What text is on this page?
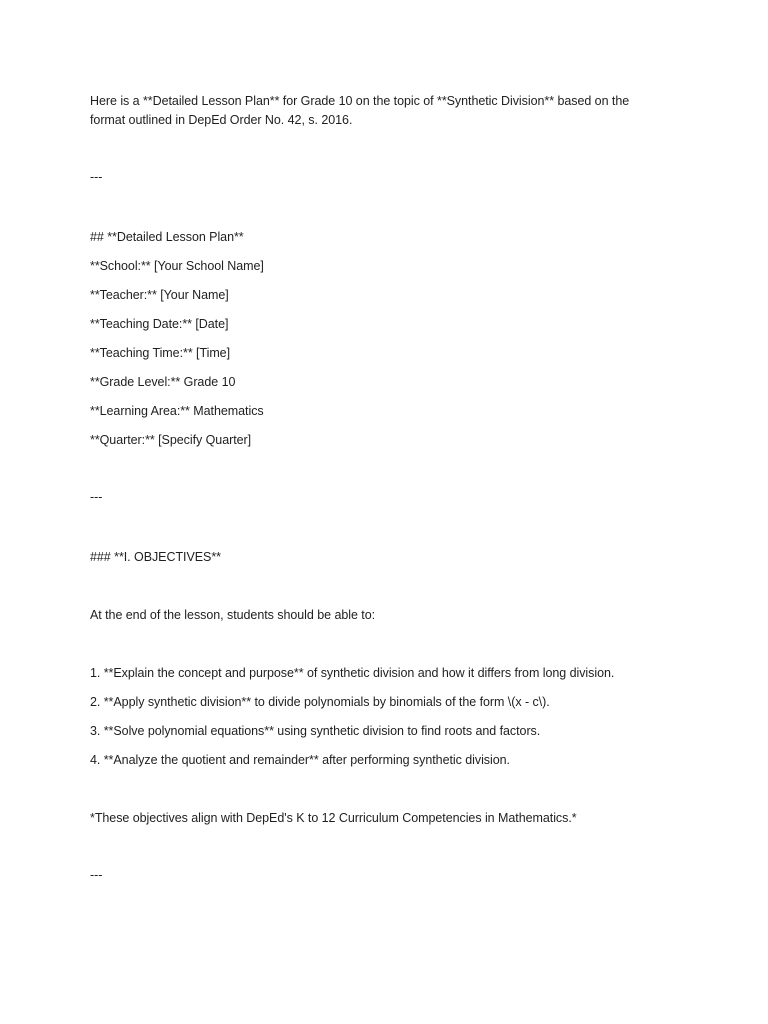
Here is a **Detailed Lesson Plan** for Grade 10 on the topic of **Synthetic Division** based on the
format outlined in DepEd Order No. 42, s. 2016.
---
## **Detailed Lesson Plan**
**School:** [Your School Name]
**Teacher:** [Your Name]
**Teaching Date:** [Date]
**Teaching Time:** [Time]
**Grade Level:** Grade 10
**Learning Area:** Mathematics
**Quarter:** [Specify Quarter]
---
### **I. OBJECTIVES**
At the end of the lesson, students should be able to:
1. **Explain the concept and purpose** of synthetic division and how it differs from long division.
2. **Apply synthetic division** to divide polynomials by binomials of the form \(x - c\).
3. **Solve polynomial equations** using synthetic division to find roots and factors.
4. **Analyze the quotient and remainder** after performing synthetic division.
*These objectives align with DepEd's K to 12 Curriculum Competencies in Mathematics.*
---
